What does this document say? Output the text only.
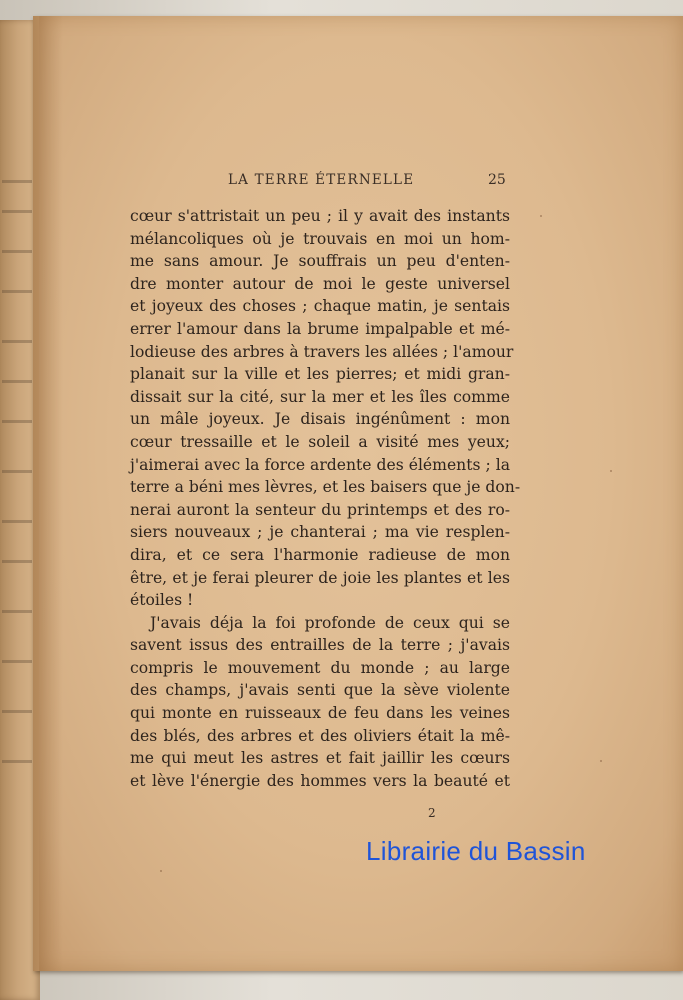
LA TERRE ÉTERNELLE	25
cœur s'attristait un peu ; il y avait des instants
mélancoliques où je trouvais en moi un hom-
me sans amour. Je souffrais un peu d'enten-
dre monter autour de moi le geste universel
et joyeux des choses ; chaque matin, je sentais
errer l'amour dans la brume impalpable et mé-
lodieuse des arbres à travers les allées ; l'amour
planait sur la ville et les pierres; et midi gran-
dissait sur la cité, sur la mer et les îles comme
un mâle joyeux. Je disais ingénûment : mon
cœur tressaille et le soleil a visité mes yeux;
j'aimerai avec la force ardente des éléments ; la
terre a béni mes lèvres, et les baisers que je don-
nerai auront la senteur du printemps et des ro-
siers nouveaux ; je chanterai ; ma vie resplen-
dira, et ce sera l'harmonie radieuse de mon
être, et je ferai pleurer de joie les plantes et les
étoiles !
J'avais déja la foi profonde de ceux qui se
savent issus des entrailles de la terre ; j'avais
compris le mouvement du monde ; au large
des champs, j'avais senti que la sève violente
qui monte en ruisseaux de feu dans les veines
des blés, des arbres et des oliviers était la mê-
me qui meut les astres et fait jaillir les cœurs
et lève l'énergie des hommes vers la beauté et
2
Librairie du Bassin
